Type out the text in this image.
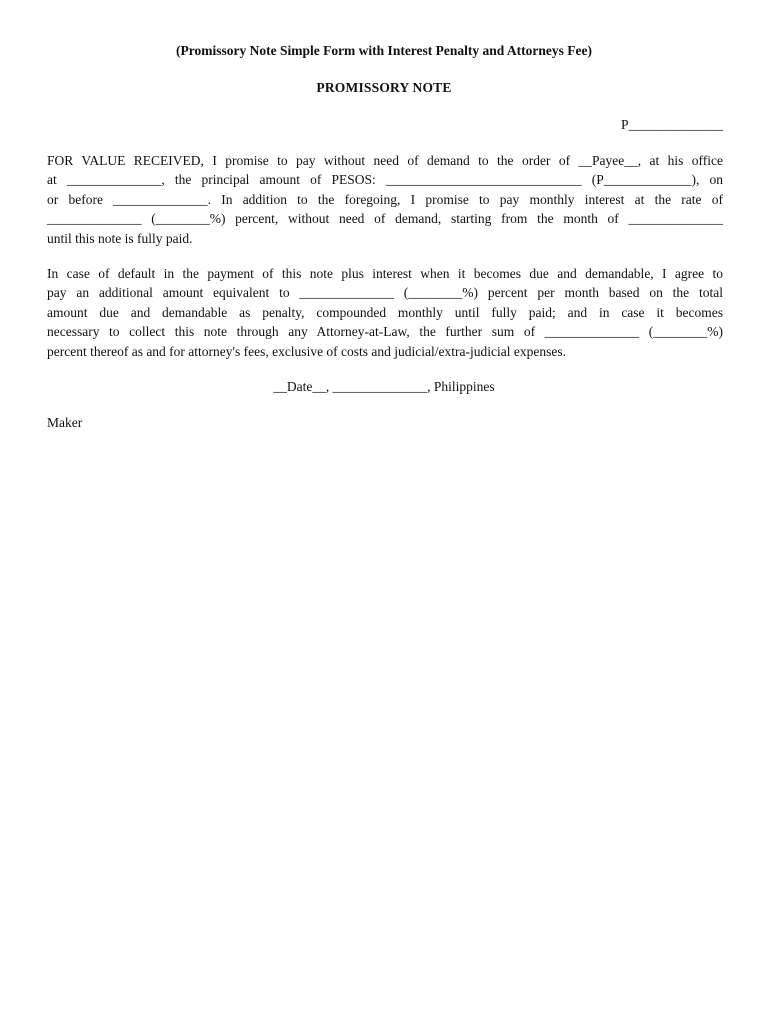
(Promissory Note Simple Form with Interest Penalty and Attorneys Fee)
PROMISSORY NOTE
P______________
FOR VALUE RECEIVED, I promise to pay without need of demand to the order of __Payee__, at his office
at ______________, the principal amount of PESOS: _____________________________ (P_____________), on
or before ______________. In addition to the foregoing, I promise to pay monthly interest at the rate of
______________ (________%) percent, without need of demand, starting from the month of ______________
until this note is fully paid.
In case of default in the payment of this note plus interest when it becomes due and demandable, I agree to
pay an additional amount equivalent to ______________ (________%) percent per month based on the total
amount due and demandable as penalty, compounded monthly until fully paid; and in case it becomes
necessary to collect this note through any Attorney-at-Law, the further sum of ______________ (________%)
percent thereof as and for attorney's fees, exclusive of costs and judicial/extra-judicial expenses.
__Date__, ______________, Philippines
Maker
